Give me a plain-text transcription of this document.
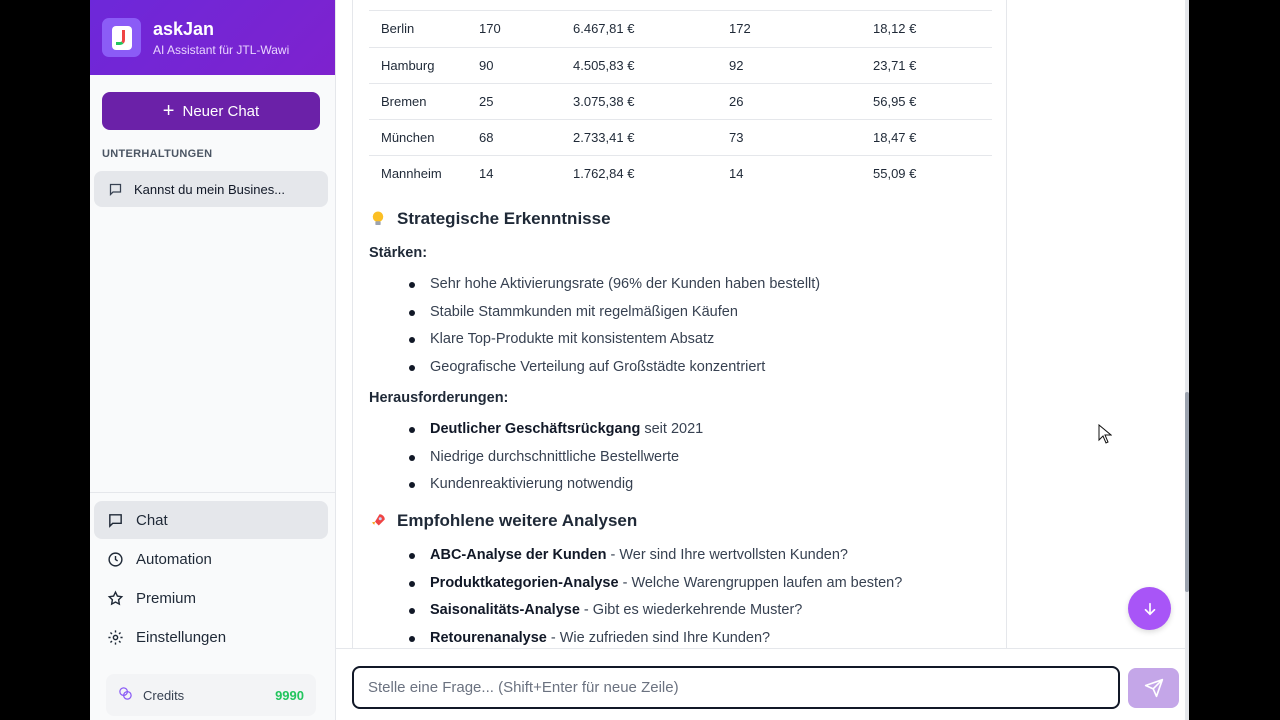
askJan
AI Assistant für JTL-Wawi
+ Neuer Chat
UNTERHALTUNGEN
Kannst du mein Busines...
Chat
Automation
Premium
Einstellungen
Credits	9990
Berlin	170	6.467,81 €	172	18,12 €
Hamburg	90	4.505,83 €	92	23,71 €
Bremen	25	3.075,38 €	26	56,95 €
München	68	2.733,41 €	73	18,47 €
Mannheim	14	1.762,84 €	14	55,09 €
Strategische Erkenntnisse
Stärken:
Sehr hohe Aktivierungsrate (96% der Kunden haben bestellt)
Stabile Stammkunden mit regelmäßigen Käufen
Klare Top-Produkte mit konsistentem Absatz
Geografische Verteilung auf Großstädte konzentriert
Herausforderungen:
Deutlicher Geschäftsrückgang seit 2021
Niedrige durchschnittliche Bestellwerte
Kundenreaktivierung notwendig
Empfohlene weitere Analysen
ABC-Analyse der Kunden - Wer sind Ihre wertvollsten Kunden?
Produktkategorien-Analyse - Welche Warengruppen laufen am besten?
Saisonalitäts-Analyse - Gibt es wiederkehrende Muster?
Retourenanalyse - Wie zufrieden sind Ihre Kunden?
Stelle eine Frage... (Shift+Enter für neue Zeile)
